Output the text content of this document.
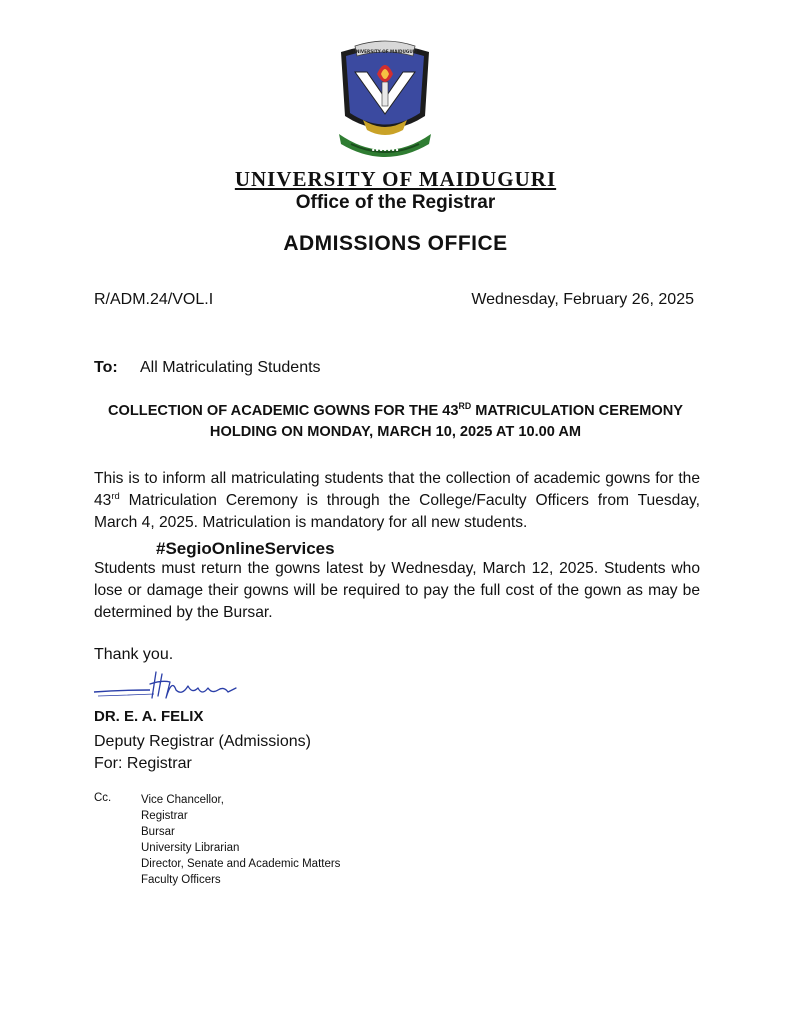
UNIVERSITY OF MAIDUGURI
▪ ▪ ▪ ▪ ▪ ▪ ▪
UNIVERSITY OF MAIDUGURI
Office of the Registrar
ADMISSIONS OFFICE
R/ADM.24/VOL.I	Wednesday, February 26, 2025
To: All Matriculating Students
COLLECTION OF ACADEMIC GOWNS FOR THE 43RD MATRICULATION CEREMONY
HOLDING ON MONDAY, MARCH 10, 2025 AT 10.00 AM
This is to inform all matriculating students that the collection of academic gowns for the 43rd Matriculation Ceremony is through the College/Faculty Officers from Tuesday, March 4, 2025. Matriculation is mandatory for all new students.
#SegioOnlineServices
Students must return the gowns latest by Wednesday, March 12, 2025. Students who lose or damage their gowns will be required to pay the full cost of the gown as may be determined by the Bursar.
Thank you.
DR. E. A. FELIX
Deputy Registrar (Admissions)
For: Registrar
Cc.	Vice Chancellor,
Registrar
Bursar
University Librarian
Director, Senate and Academic Matters
Faculty Officers
